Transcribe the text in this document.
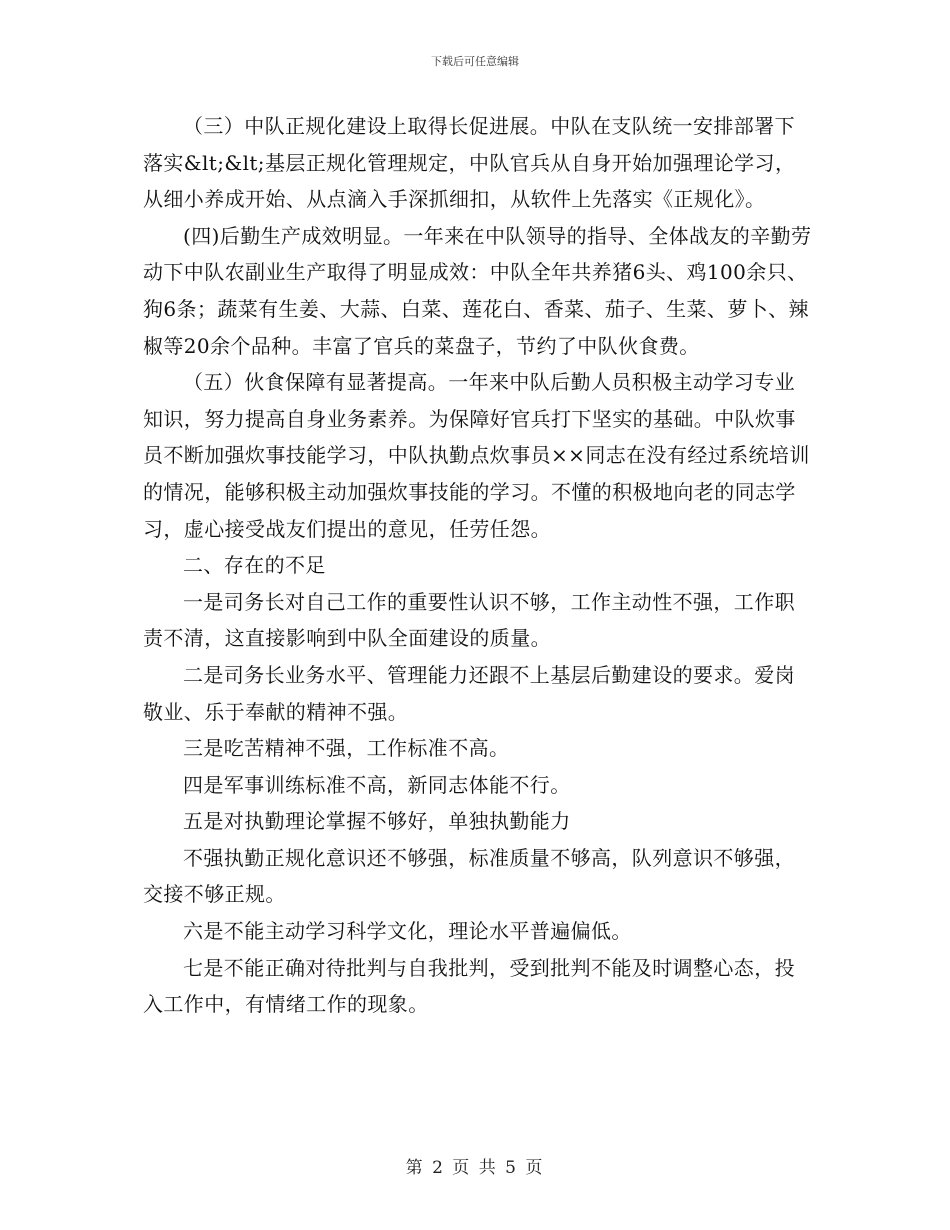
下载后可任意编辑

（三）中队正规化建设上取得长促进展。中队在支队统一安排部署下落实&lt;&lt;基层正规化管理规定，中队官兵从自身开始加强理论学习，从细小养成开始、从点滴入手深抓细扣，从软件上先落实《正规化》。

(四)后勤生产成效明显。一年来在中队领导的指导、全体战友的辛勤劳动下中队农副业生产取得了明显成效：中队全年共养猪6头、鸡100余只、狗6条；蔬菜有生姜、大蒜、白菜、莲花白、香菜、茄子、生菜、萝卜、辣椒等20余个品种。丰富了官兵的菜盘子，节约了中队伙食费。

（五）伙食保障有显著提高。一年来中队后勤人员积极主动学习专业知识，努力提高自身业务素养。为保障好官兵打下坚实的基础。中队炊事员不断加强炊事技能学习，中队执勤点炊事员××同志在没有经过系统培训的情况，能够积极主动加强炊事技能的学习。不懂的积极地向老的同志学习，虚心接受战友们提出的意见，任劳任怨。

二、存在的不足

一是司务长对自己工作的重要性认识不够，工作主动性不强，工作职责不清，这直接影响到中队全面建设的质量。

二是司务长业务水平、管理能力还跟不上基层后勤建设的要求。爱岗敬业、乐于奉献的精神不强。

三是吃苦精神不强，工作标准不高。

四是军事训练标准不高，新同志体能不行。

五是对执勤理论掌握不够好，单独执勤能力

不强执勤正规化意识还不够强，标准质量不够高，队列意识不够强，交接不够正规。

六是不能主动学习科学文化，理论水平普遍偏低。

七是不能正确对待批判与自我批判，受到批判不能及时调整心态，投入工作中，有情绪工作的现象。

第 2 页 共 5 页
